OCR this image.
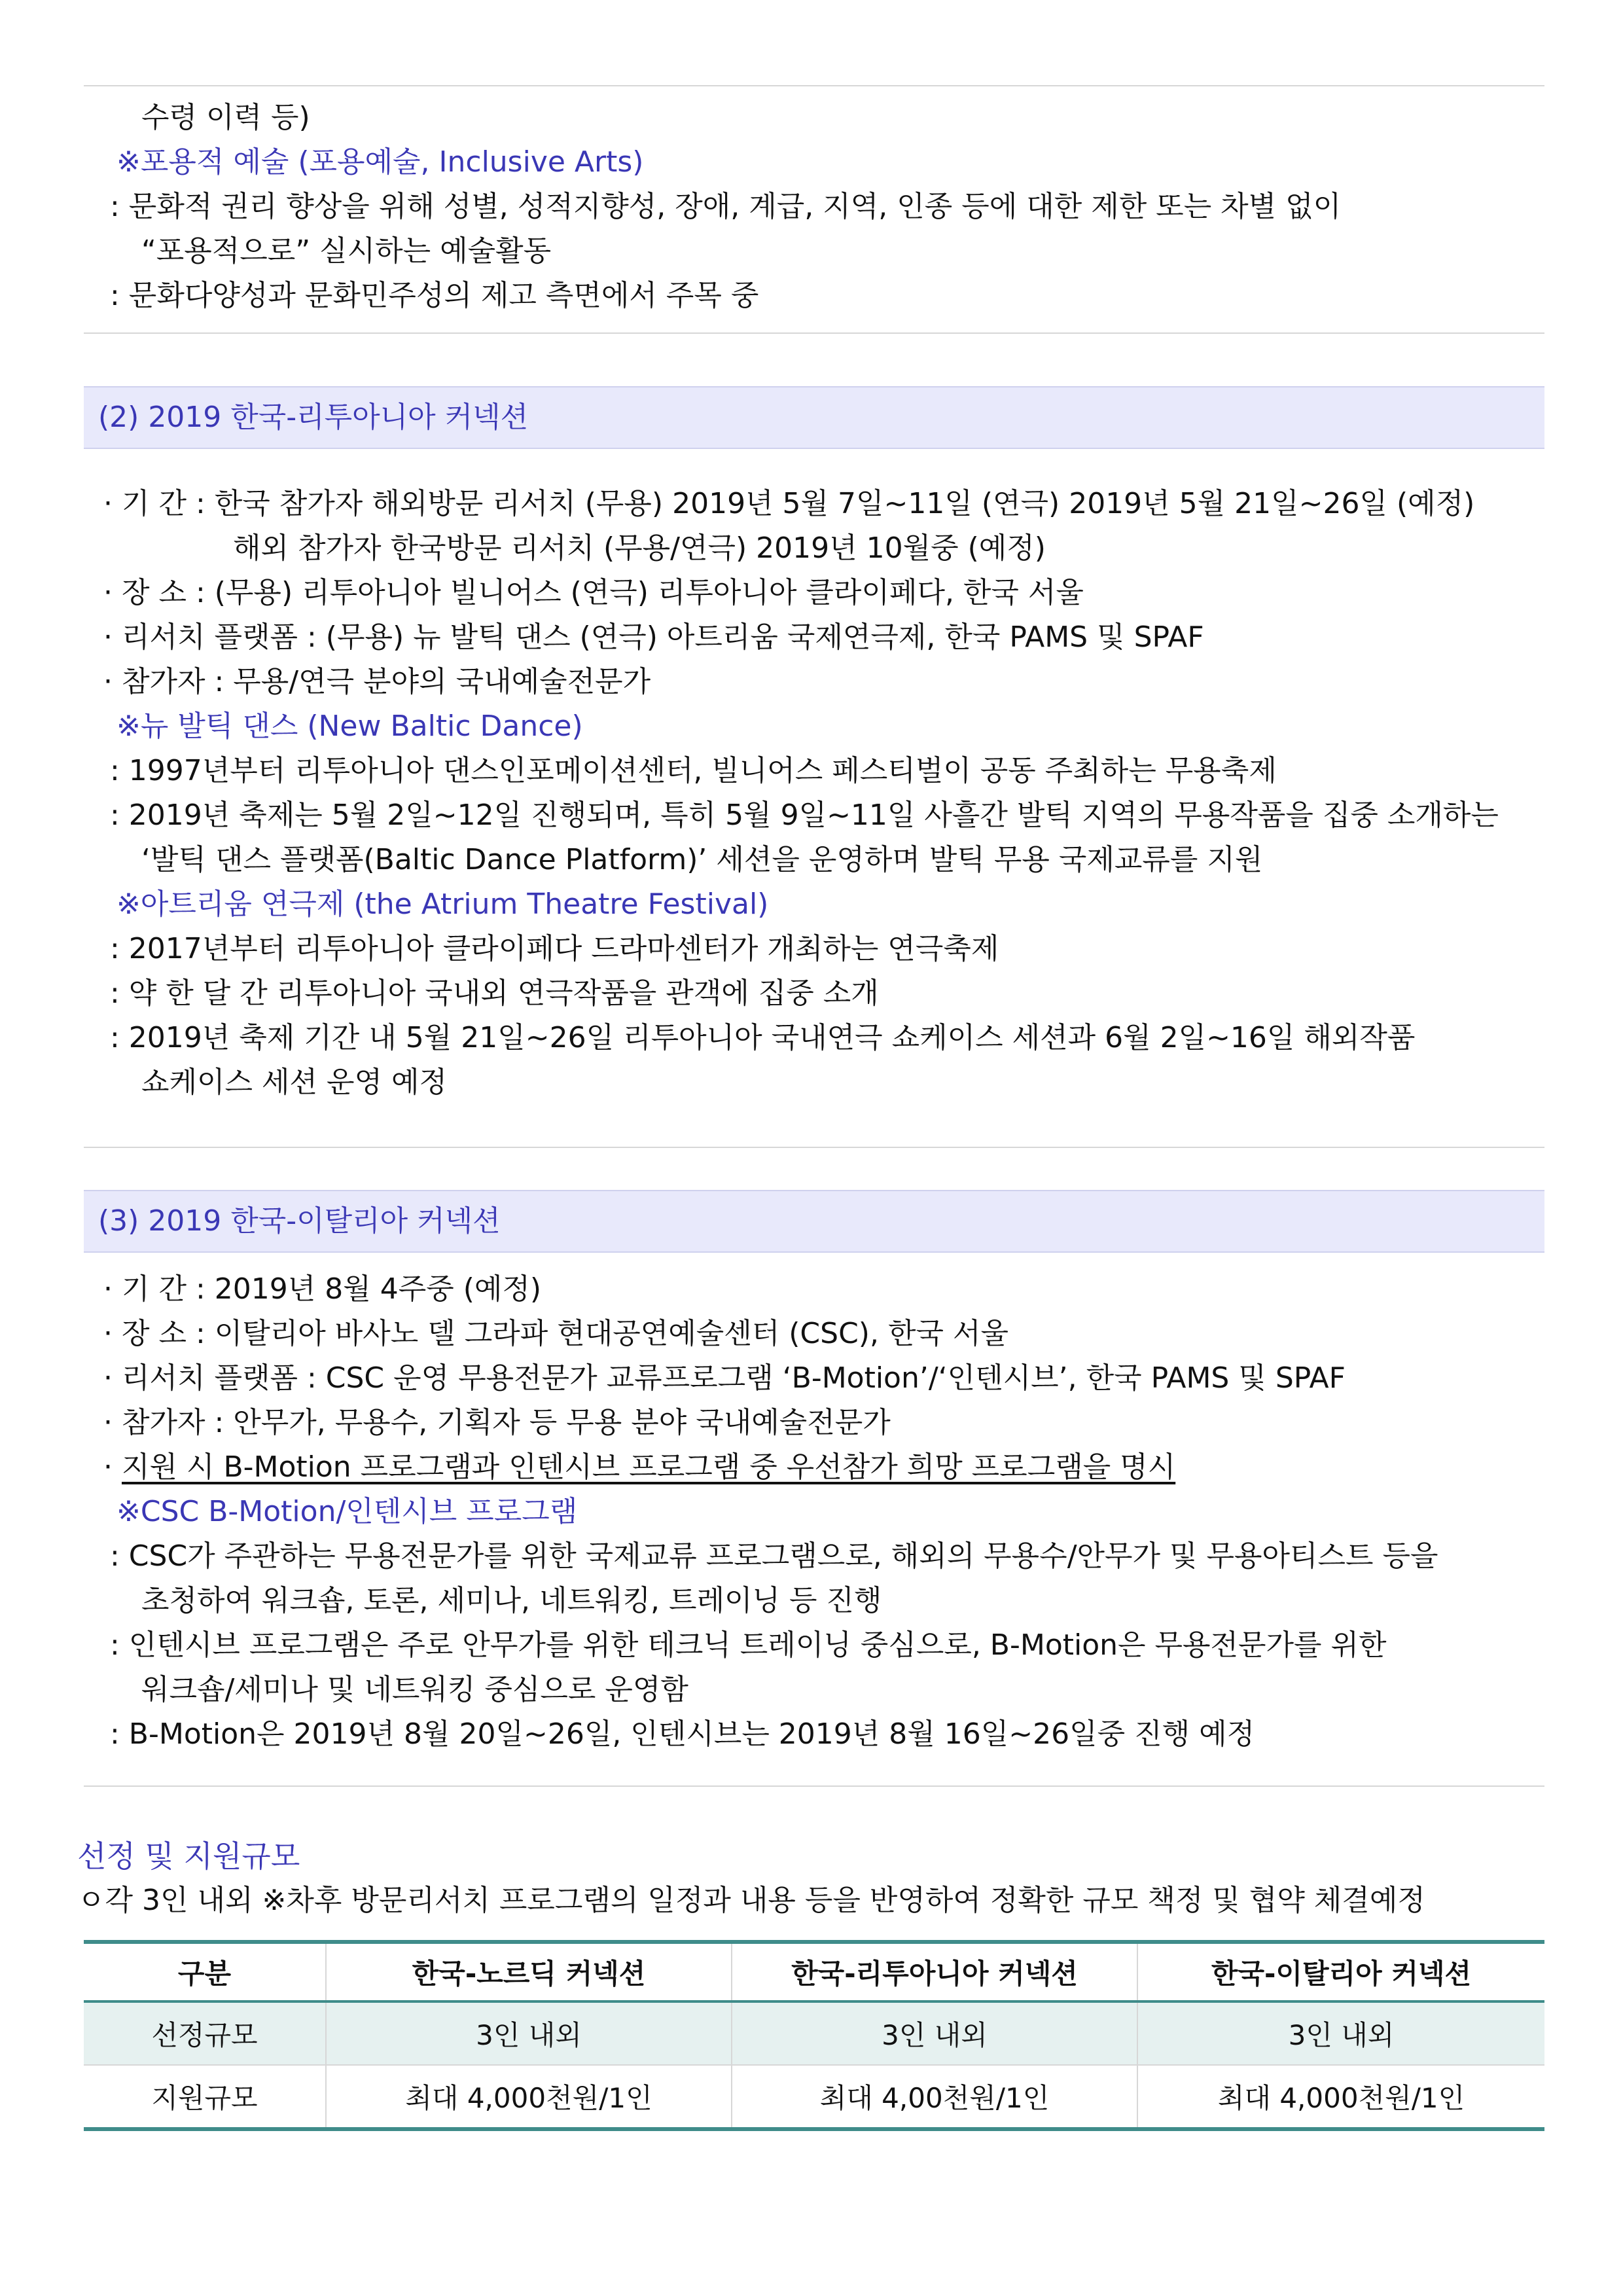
수령 이력 등)
※포용적 예술 (포용예술, Inclusive Arts)
: 문화적 권리 향상을 위해 성별, 성적지향성, 장애, 계급, 지역, 인종 등에 대한 제한 또는 차별 없이
“포용적으로” 실시하는 예술활동
: 문화다양성과 문화민주성의 제고 측면에서 주목 중
(2) 2019 한국-리투아니아 커넥션
· 기 간 : 한국 참가자 해외방문 리서치 (무용) 2019년 5월 7일~11일 (연극) 2019년 5월 21일~26일 (예정)
해외 참가자 한국방문 리서치 (무용/연극) 2019년 10월중 (예정)
· 장 소 : (무용) 리투아니아 빌니어스 (연극) 리투아니아 클라이페다, 한국 서울
· 리서치 플랫폼 : (무용) 뉴 발틱 댄스 (연극) 아트리움 국제연극제, 한국 PAMS 및 SPAF
· 참가자 : 무용/연극 분야의 국내예술전문가
※뉴 발틱 댄스 (New Baltic Dance)
: 1997년부터 리투아니아 댄스인포메이션센터, 빌니어스 페스티벌이 공동 주최하는 무용축제
: 2019년 축제는 5월 2일~12일 진행되며, 특히 5월 9일~11일 사흘간 발틱 지역의 무용작품을 집중 소개하는
‘발틱 댄스 플랫폼(Baltic Dance Platform)’ 세션을 운영하며 발틱 무용 국제교류를 지원
※아트리움 연극제 (the Atrium Theatre Festival)
: 2017년부터 리투아니아 클라이페다 드라마센터가 개최하는 연극축제
: 약 한 달 간 리투아니아 국내외 연극작품을 관객에 집중 소개
: 2019년 축제 기간 내 5월 21일~26일 리투아니아 국내연극 쇼케이스 세션과 6월 2일~16일 해외작품
쇼케이스 세션 운영 예정
(3) 2019 한국-이탈리아 커넥션
· 기 간 : 2019년 8월 4주중 (예정)
· 장 소 : 이탈리아 바사노 델 그라파 현대공연예술센터 (CSC), 한국 서울
· 리서치 플랫폼 : CSC 운영 무용전문가 교류프로그램 ‘B-Motion’/‘인텐시브’, 한국 PAMS 및 SPAF
· 참가자 : 안무가, 무용수, 기획자 등 무용 분야 국내예술전문가
· 지원 시 B-Motion 프로그램과 인텐시브 프로그램 중 우선참가 희망 프로그램을 명시
※CSC B-Motion/인텐시브 프로그램
: CSC가 주관하는 무용전문가를 위한 국제교류 프로그램으로, 해외의 무용수/안무가 및 무용아티스트 등을
초청하여 워크숍, 토론, 세미나, 네트워킹, 트레이닝 등 진행
: 인텐시브 프로그램은 주로 안무가를 위한 테크닉 트레이닝 중심으로, B-Motion은 무용전문가를 위한
워크숍/세미나 및 네트워킹 중심으로 운영함
: B-Motion은 2019년 8월 20일~26일, 인텐시브는 2019년 8월 16일~26일중 진행 예정
선정 및 지원규모
ㅇ각 3인 내외 ※차후 방문리서치 프로그램의 일정과 내용 등을 반영하여 정확한 규모 책정 및 협약 체결예정
구분	한국-노르딕 커넥션	한국-리투아니아 커넥션	한국-이탈리아 커넥션
선정규모	3인 내외	3인 내외	3인 내외
지원규모	최대 4,000천원/1인	최대 4,00천원/1인	최대 4,000천원/1인
